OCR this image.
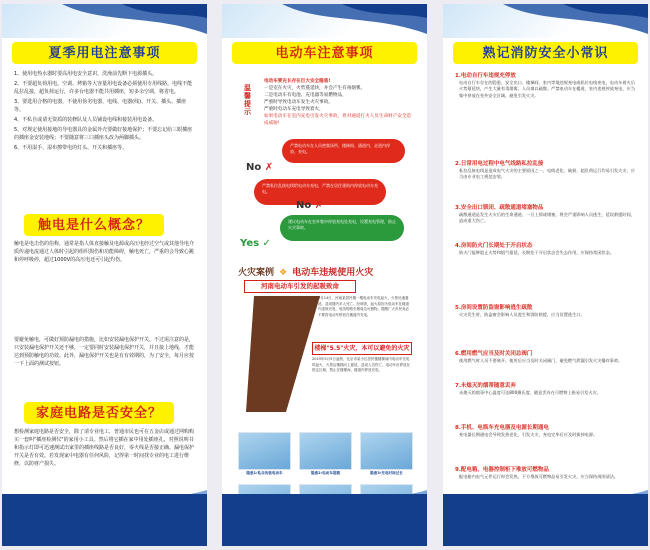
夏季用电注意事项

1、使用电热水器时要高用电安全意识，洗澡前先断下电源插头。

2、不要超负荷用电。空调、烤箱等大容量用电设备必须使用专用线路。电线不能乱拉乱接，超负荷运行，许多台电器不能共用插座，短多余空调，将省电。

3、要选用合格的电器，不使用伪劣电器、电线、电器(线)、开关、插头、插座等。

4、不私自或请无资质的装修队及人员铺设电线和接装用电设备。

5、对规定使用接地的导电器具的金属外壳要做好接地保护；不要忘记给三眼插座的插座金安装地线；不要随意将三口插座头改为两脚插头。

6、不用湿手、湿布擦带电的灯头、开关和插座等。

触电是什么概念？
触电是电击伤的俗称，通常是指人体直接触及电源或高压电经过空气或其他导电介质传递电流通过人体时引起的组织损伤和功能障碍，触电死亡，严重的会导致心跳和停呼吸停，超过1000V的高压电还可引起灼伤。
要避免触电，可做好预防漏电的措施，比如安装漏电保护开关。不过需注意的是，只安装漏电保护开关还不够，一定要同时安装漏电保护开关，并且接上地线，才能达到预防触电的功效。此外，漏电保护开关也是有有效期的，为了安全，每月应按一下上面的测试按钮。
家庭电路是否安全？
想检测家庭电路是否安全，除了请专业电工，普通市民也可在五金店或通过网购购买一套叫"插座检测仪"的家用小工具。然后将它插在家中用处插座孔，对照说明书和指示灯即可迅速测试出家里的插座线路是否良好，零火线是否接正确、漏电保护开关是否有效。若发现家中电器有任何风险，记得第一时间找专业的电工进行维修，以防财产损失。
电动车注意事项
温馨提示
电动车要充长存在巨大安全隐患!
一是室在火灾，火势蔓延快，并会产生有毒烟雾。
二是电动车有电池、充电器等易燃物品，
严重时导致电动车发生火灾事故。
严重时电动车充电导致着火，
如果电动车在室内充电引发火灾事故，将对通道打火人员生命财产安全造成威胁!
严禁电动车在人员密集场所、楼梯间、通道内、走道内停放、充电。
No ✗
严禁私拉乱接电线给电动车充电，严禁在居住建筑内停放电动车充电。
No ✗
建议电动车在室外集中停放充电处充电，设置充电管理，防止火灾事故。
Yes ✓
火灾案例 ❖ 电动车违规使用火灾
河南电动车引发的起吸致命
2月14日，河南某居民楼一楼电动车充电起火，火势迅速蔓延，造成楼内多人死亡。经调查，起火原因为电动车在楼道内违规充电，电线短路引燃周边可燃物。提醒广大市民务必不要将电动车停放在楼道内充电。
楼梯"5.5"火灾，本可以避免的火灾
2019年5月5日凌晨，北京市某小区居民楼楼梯间内电动车充电时起火，火势沿楼梯向上蔓延，造成人员伤亡。电动车应停放在指定区域，禁止在楼梯间、楼道内停放充电。
隐患1:私自改装电动车	隐患2:电动车超载	隐患3:充电时间过长
熟记消防安全小常识
1.电动自行车违规充停放
电动自行车存在的隐患，安全出口、楼梯间、室内等地违规充电或私拉电线充电，电动车着火后火势蔓延快，产生大量有毒烟雾，人员难以疏散。严禁电动车在楼道、室内违规停放充电，应当集中停放在室外安全区域，避免引发火灾。
2.日常用电过程中电气线路私拉乱接
私拉乱接电线是造成电气火灾的主要原因之一，电线老化、破损、超负荷运行均易引发火灾，应当由专业电工规范安装。
3.安全出口锁闭、疏散通道堵塞物品
疏散通道是发生火灾后的生命通道，一旦上锁或堵塞，将会严重影响人员逃生，延误救援时间，造成重大伤亡。
4.房间防火门长期处于开启状态
防火门能够阻止火势和烟气蔓延，长期处于开启状态会失去作用，应保持常闭状态。
5.房间设置防盗窗影响逃生疏散
火灾发生时，防盗窗会影响人员逃生和消防救援，应当设置逃生口。
6.燃用燃气应当及时关闭总阀门
使用燃气时人员不要离开，使用后应当及时关闭阀门，避免燃气泄漏引发火灾爆炸事故。
7.未熄灭的烟蒂随意丢弃
未熄灭的烟蒂中心温度可达800摄氏度，随意丢弃在可燃物上极易引发火灾。
8.手机、电瓶车充电器及电源长期通电
充电器长期通电会导致发热老化，引发火灾，充电完毕后应及时拔掉电源。
9.配电箱、电器控制柜下堆放可燃物品
配电箱内电气元件运行时会发热，下方堆放可燃物品易引发火灾，应当保持周围清洁。
